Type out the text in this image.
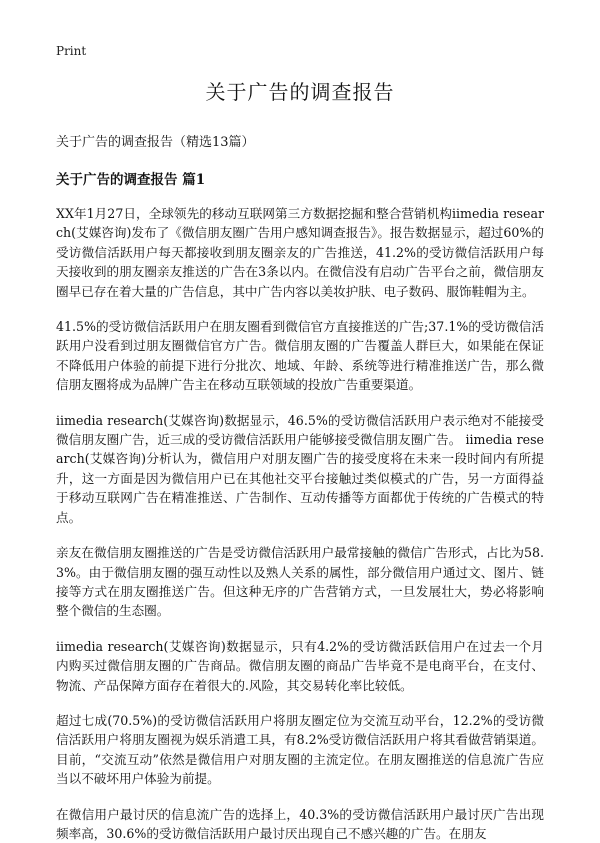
Print
关于广告的调查报告

关于广告的调查报告（精选13篇）

关于广告的调查报告 篇1

XX年1月27日，全球领先的移动互联网第三方数据挖掘和整合营销机构iimedia research(艾媒咨询)发布了《微信朋友圈广告用户感知调查报告》。报告数据显示，超过60%的受访微信活跃用户每天都接收到朋友圈亲友的广告推送，41.2%的受访微信活跃用户每天接收到的朋友圈亲友推送的广告在3条以内。在微信没有启动广告平台之前，微信朋友圈早已存在着大量的广告信息，其中广告内容以美妆护肤、电子数码、服饰鞋帽为主。

41.5%的受访微信活跃用户在朋友圈看到微信官方直接推送的广告;37.1%的受访微信活跃用户没看到过朋友圈微信官方广告。微信朋友圈的广告覆盖人群巨大，如果能在保证不降低用户体验的前提下进行分批次、地域、年龄、系统等进行精准推送广告，那么微信朋友圈将成为品牌广告主在移动互联领域的投放广告重要渠道。

iimedia research(艾媒咨询)数据显示，46.5%的受访微信活跃用户表示绝对不能接受微信朋友圈广告，近三成的受访微信活跃用户能够接受微信朋友圈广告。 iimedia research(艾媒咨询)分析认为，微信用户对朋友圈广告的接受度将在未来一段时间内有所提升，这一方面是因为微信用户已在其他社交平台接触过类似模式的广告，另一方面得益于移动互联网广告在精准推送、广告制作、互动传播等方面都优于传统的广告模式的特点。

亲友在微信朋友圈推送的广告是受访微信活跃用户最常接触的微信广告形式，占比为58.3%。由于微信朋友圈的强互动性以及熟人关系的属性，部分微信用户通过文、图片、链接等方式在朋友圈推送广告。但这种无序的广告营销方式，一旦发展壮大，势必将影响整个微信的生态圈。

iimedia research(艾媒咨询)数据显示，只有4.2%的受访微活跃信用户在过去一个月内购买过微信朋友圈的广告商品。微信朋友圈的商品广告毕竟不是电商平台，在支付、物流、产品保障方面存在着很大的.风险，其交易转化率比较低。

超过七成(70.5%)的受访微信活跃用户将朋友圈定位为交流互动平台，12.2%的受访微信活跃用户将朋友圈视为娱乐消遣工具，有8.2%受访微信活跃用户将其看做营销渠道。目前，“交流互动”依然是微信用户对朋友圈的主流定位。在朋友圈推送的信息流广告应当以不破坏用户体验为前提。

在微信用户最讨厌的信息流广告的选择上，40.3%的受访微信活跃用户最讨厌广告出现频率高，30.6%的受访微信活跃用户最讨厌出现自己不感兴趣的广告。在朋友
